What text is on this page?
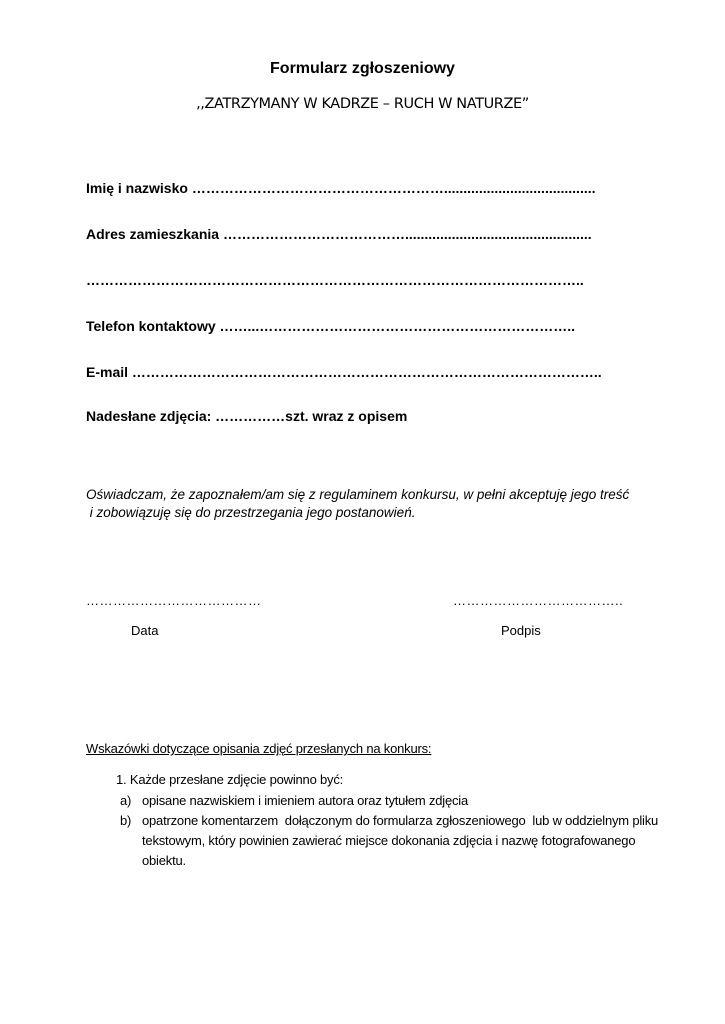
Formularz zgłoszeniowy
,,ZATRZYMANY W KADRZE – RUCH W NATURZE”
Imię i nazwisko ……………………………………………….......................................
Adres zamieszkania …………………………………................................................
……………………………………………………………………………………………..
Telefon kontaktowy ……...…………………………………………………………..
E-mail ………………………………………………………………………………………..
Nadesłane zdjęcia: ……………szt. wraz z opisem
Oświadczam, że zapoznałem/am się z regulaminem konkursu, w pełni akceptuję jego treść
i zobowiązuję się do przestrzegania jego postanowień.
…………………………………
Data
………………………………..
Podpis
Wskazówki dotyczące opisania zdjęć przesłanych na konkurs:
1. Każde przesłane zdjęcie powinno być:
a) opisane nazwiskiem i imieniem autora oraz tytułem zdjęcia
b) opatrzone komentarzem  dołączonym do formularza zgłoszeniowego  lub w oddzielnym pliku
tekstowym, który powinien zawierać miejsce dokonania zdjęcia i nazwę fotografowanego
obiektu.
